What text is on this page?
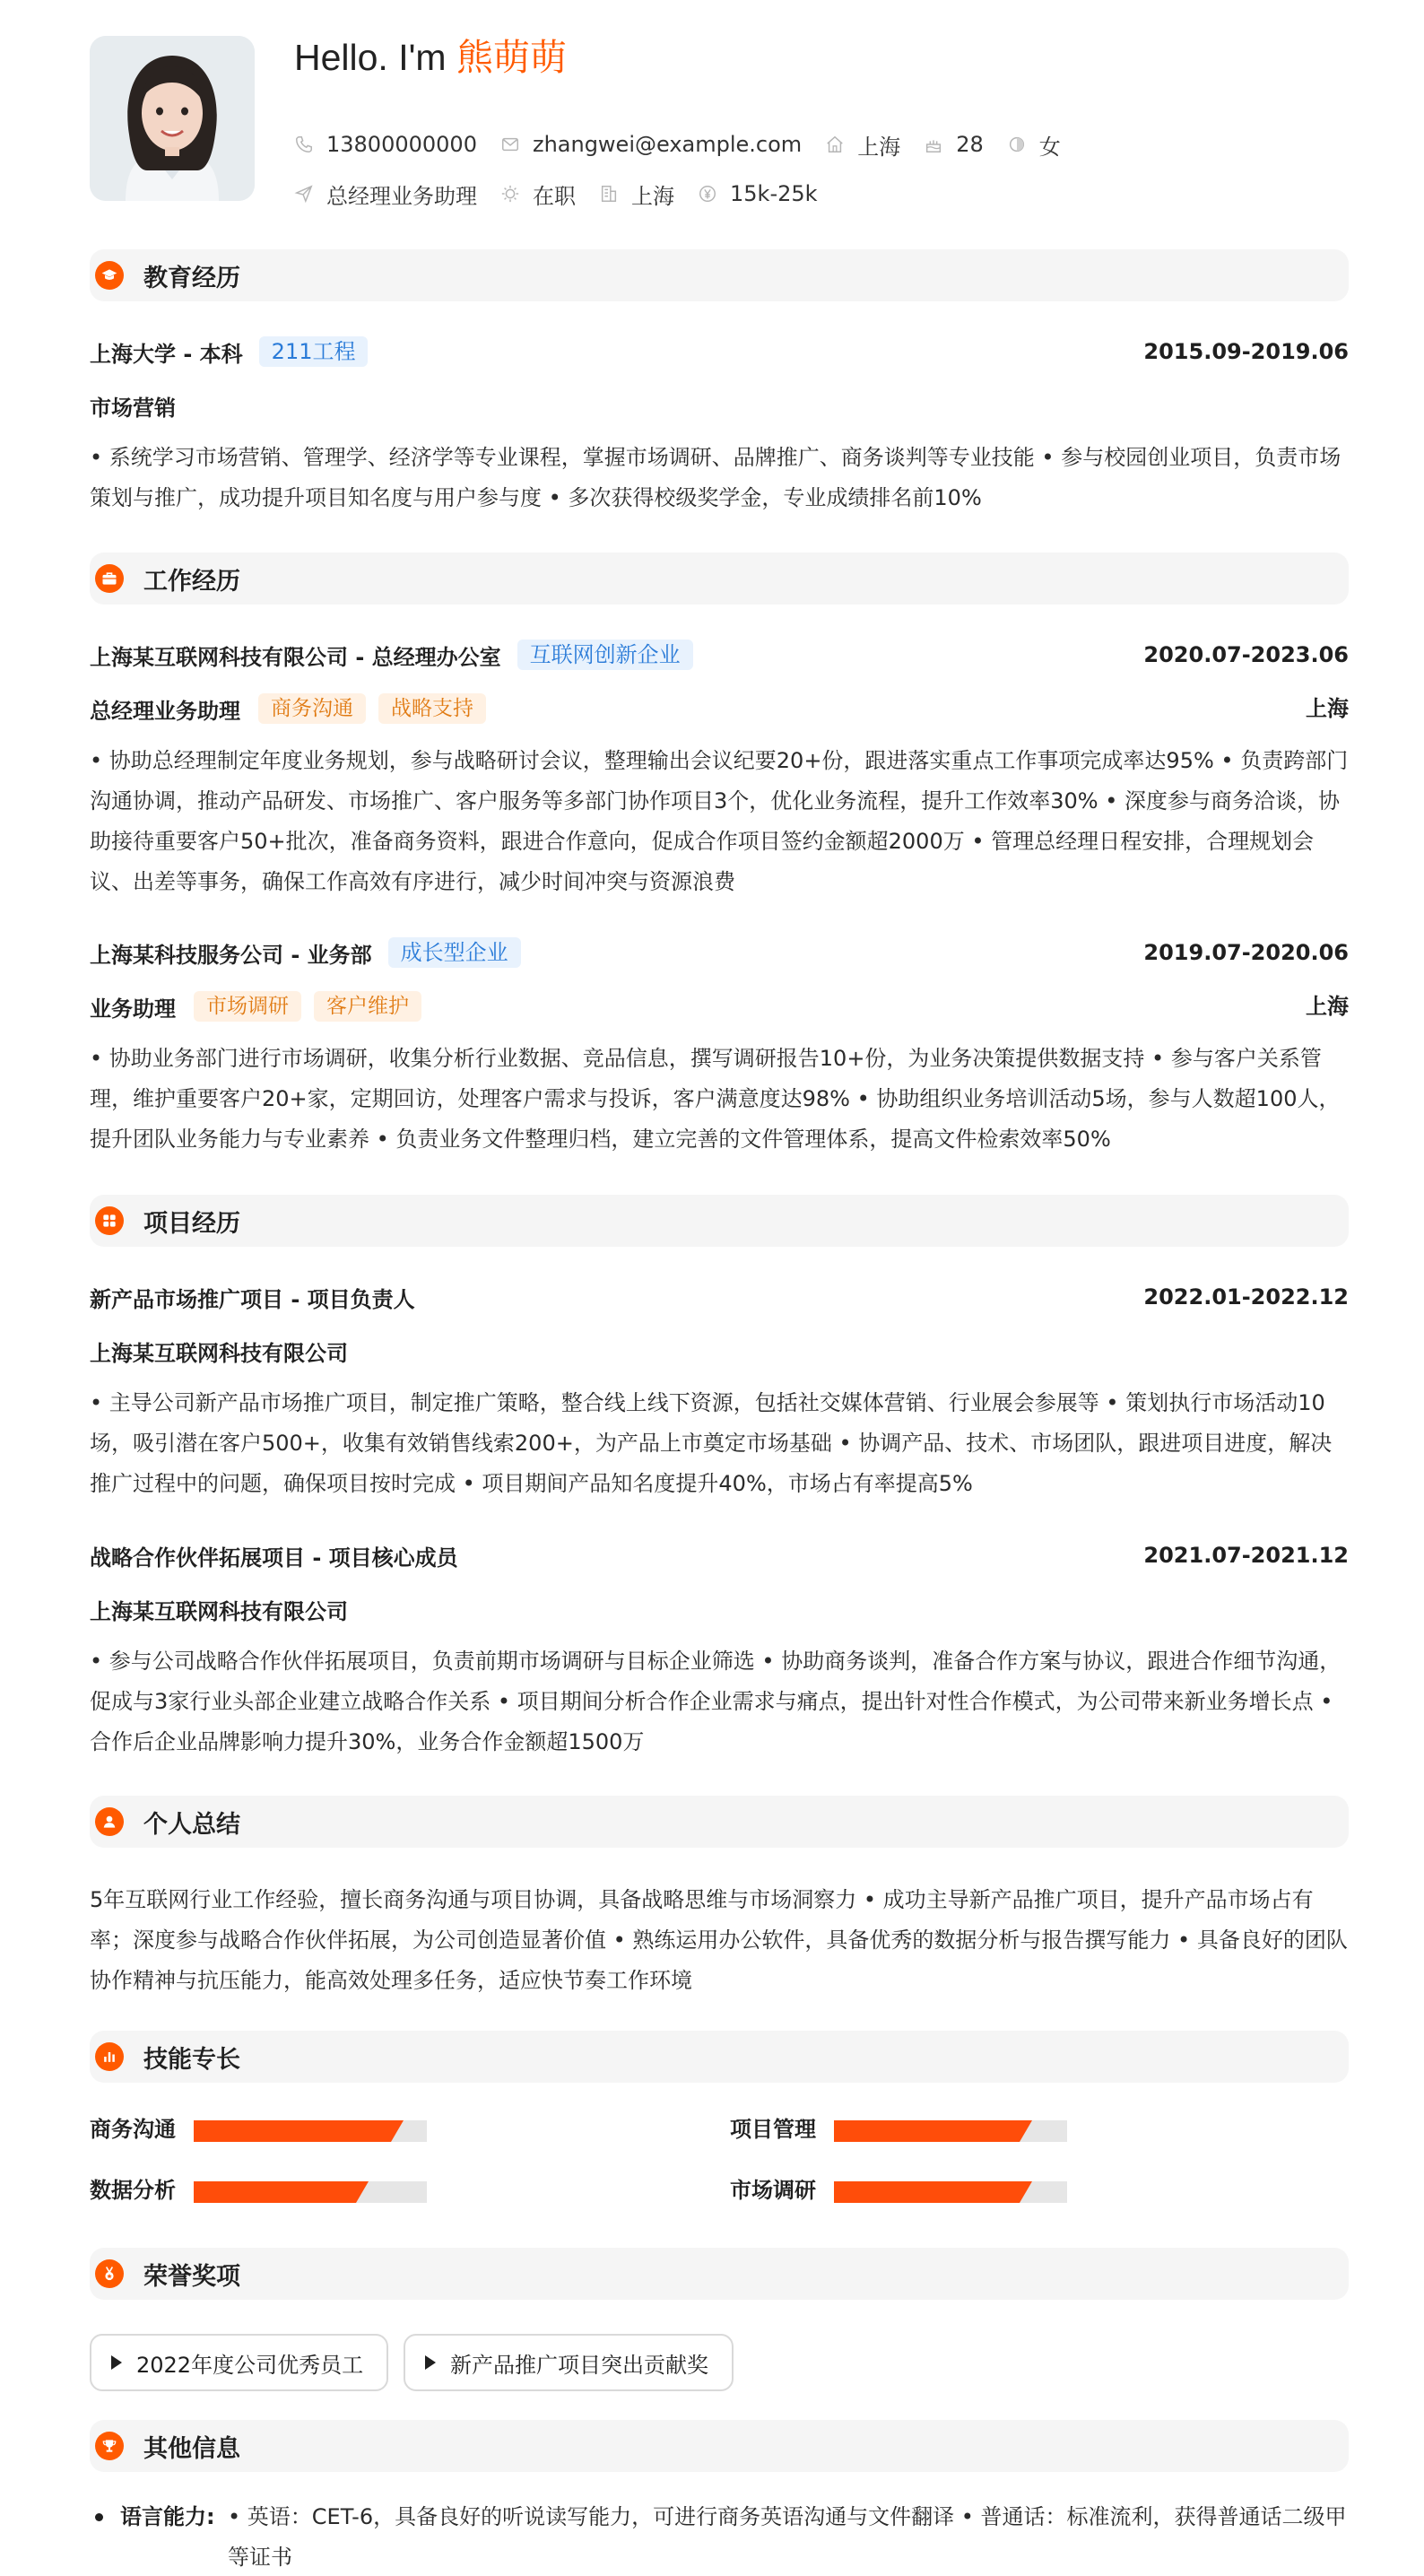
Hello. I'm 熊萌萌
13800000000	zhangwei@example.com	上海	28	女
总经理业务助理	在职	上海	15k-25k
教育经历
上海大学 - 本科	211工程	2015.09-2019.06
市场营销
• 系统学习市场营销、管理学、经济学等专业课程，掌握市场调研、品牌推广、商务谈判等专业技能 • 参与校园创业项目，负责市场策划与推广，成功提升项目知名度与用户参与度 • 多次获得校级奖学金，专业成绩排名前10%
工作经历
上海某互联网科技有限公司 - 总经理办公室	互联网创新企业	2020.07-2023.06
总经理业务助理	商务沟通	战略支持	上海
• 协助总经理制定年度业务规划，参与战略研讨会议，整理输出会议纪要20+份，跟进落实重点工作事项完成率达95% • 负责跨部门沟通协调，推动产品研发、市场推广、客户服务等多部门协作项目3个，优化业务流程，提升工作效率30% • 深度参与商务洽谈，协助接待重要客户50+批次，准备商务资料，跟进合作意向，促成合作项目签约金额超2000万 • 管理总经理日程安排，合理规划会议、出差等事务，确保工作高效有序进行，减少时间冲突与资源浪费
上海某科技服务公司 - 业务部	成长型企业	2019.07-2020.06
业务助理	市场调研	客户维护	上海
• 协助业务部门进行市场调研，收集分析行业数据、竞品信息，撰写调研报告10+份，为业务决策提供数据支持 • 参与客户关系管理，维护重要客户20+家，定期回访，处理客户需求与投诉，客户满意度达98% • 协助组织业务培训活动5场，参与人数超100人，提升团队业务能力与专业素养 • 负责业务文件整理归档，建立完善的文件管理体系，提高文件检索效率50%
项目经历
新产品市场推广项目 - 项目负责人	2022.01-2022.12
上海某互联网科技有限公司
• 主导公司新产品市场推广项目，制定推广策略，整合线上线下资源，包括社交媒体营销、行业展会参展等 • 策划执行市场活动10场，吸引潜在客户500+，收集有效销售线索200+，为产品上市奠定市场基础 • 协调产品、技术、市场团队，跟进项目进度，解决推广过程中的问题，确保项目按时完成 • 项目期间产品知名度提升40%，市场占有率提高5%
战略合作伙伴拓展项目 - 项目核心成员	2021.07-2021.12
上海某互联网科技有限公司
• 参与公司战略合作伙伴拓展项目，负责前期市场调研与目标企业筛选 • 协助商务谈判，准备合作方案与协议，跟进合作细节沟通，促成与3家行业头部企业建立战略合作关系 • 项目期间分析合作企业需求与痛点，提出针对性合作模式，为公司带来新业务增长点 • 合作后企业品牌影响力提升30%，业务合作金额超1500万
个人总结
5年互联网行业工作经验，擅长商务沟通与项目协调，具备战略思维与市场洞察力 • 成功主导新产品推广项目，提升产品市场占有率；深度参与战略合作伙伴拓展，为公司创造显著价值 • 熟练运用办公软件，具备优秀的数据分析与报告撰写能力 • 具备良好的团队协作精神与抗压能力，能高效处理多任务，适应快节奏工作环境
技能专长
商务沟通	项目管理
数据分析	市场调研
荣誉奖项
2022年度公司优秀员工	新产品推广项目突出贡献奖
其他信息
语言能力: • 英语：CET-6，具备良好的听说读写能力，可进行商务英语沟通与文件翻译 • 普通话：标准流利，获得普通话二级甲等证书
